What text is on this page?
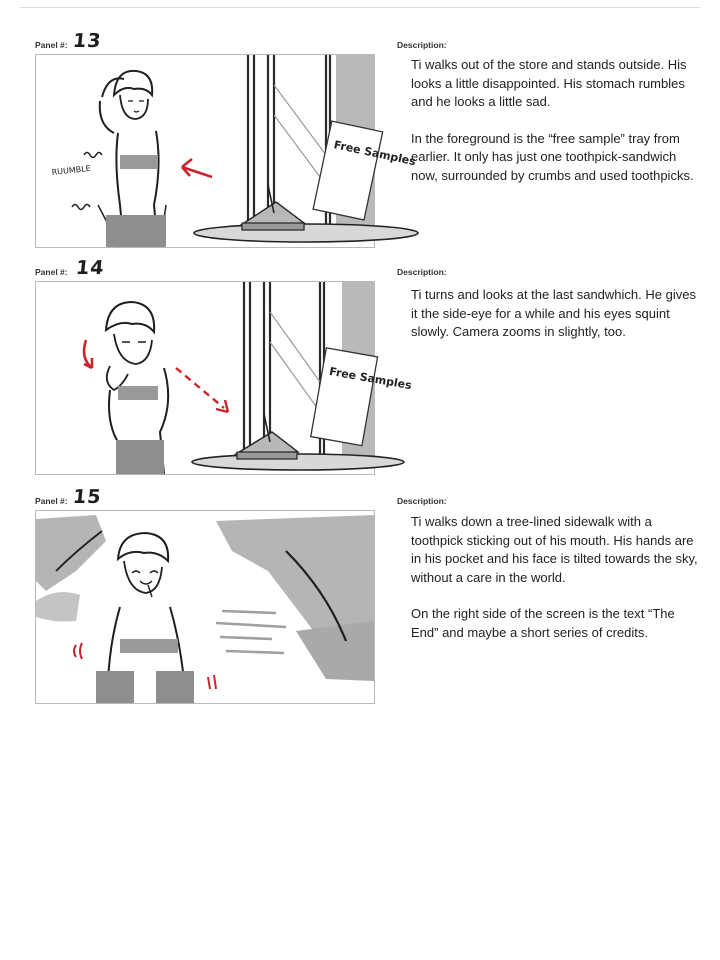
Panel #: 13
Free Samples
RUUMBLE
Description:

Ti walks out of the store and stands outside. His looks a little disappointed. His stomach rumbles and he looks a little sad.

In the foreground is the “free sample” tray from earlier. It only has just one toothpick-sandwich now, surrounded by crumbs and used toothpicks.

Panel #: 14
Free Samples
Description:

Ti turns and looks at the last sandwhich. He gives it the side-eye for a while and his eyes squint slowly. Camera zooms in slightly, too.

Panel #: 15	Description:

Ti walks down a tree-lined sidewalk with a toothpick sticking out of his mouth. His hands are in his pocket and his face is tilted towards the sky, without a care in the world.

On the right side of the screen is the text “The End” and maybe a short series of credits.
